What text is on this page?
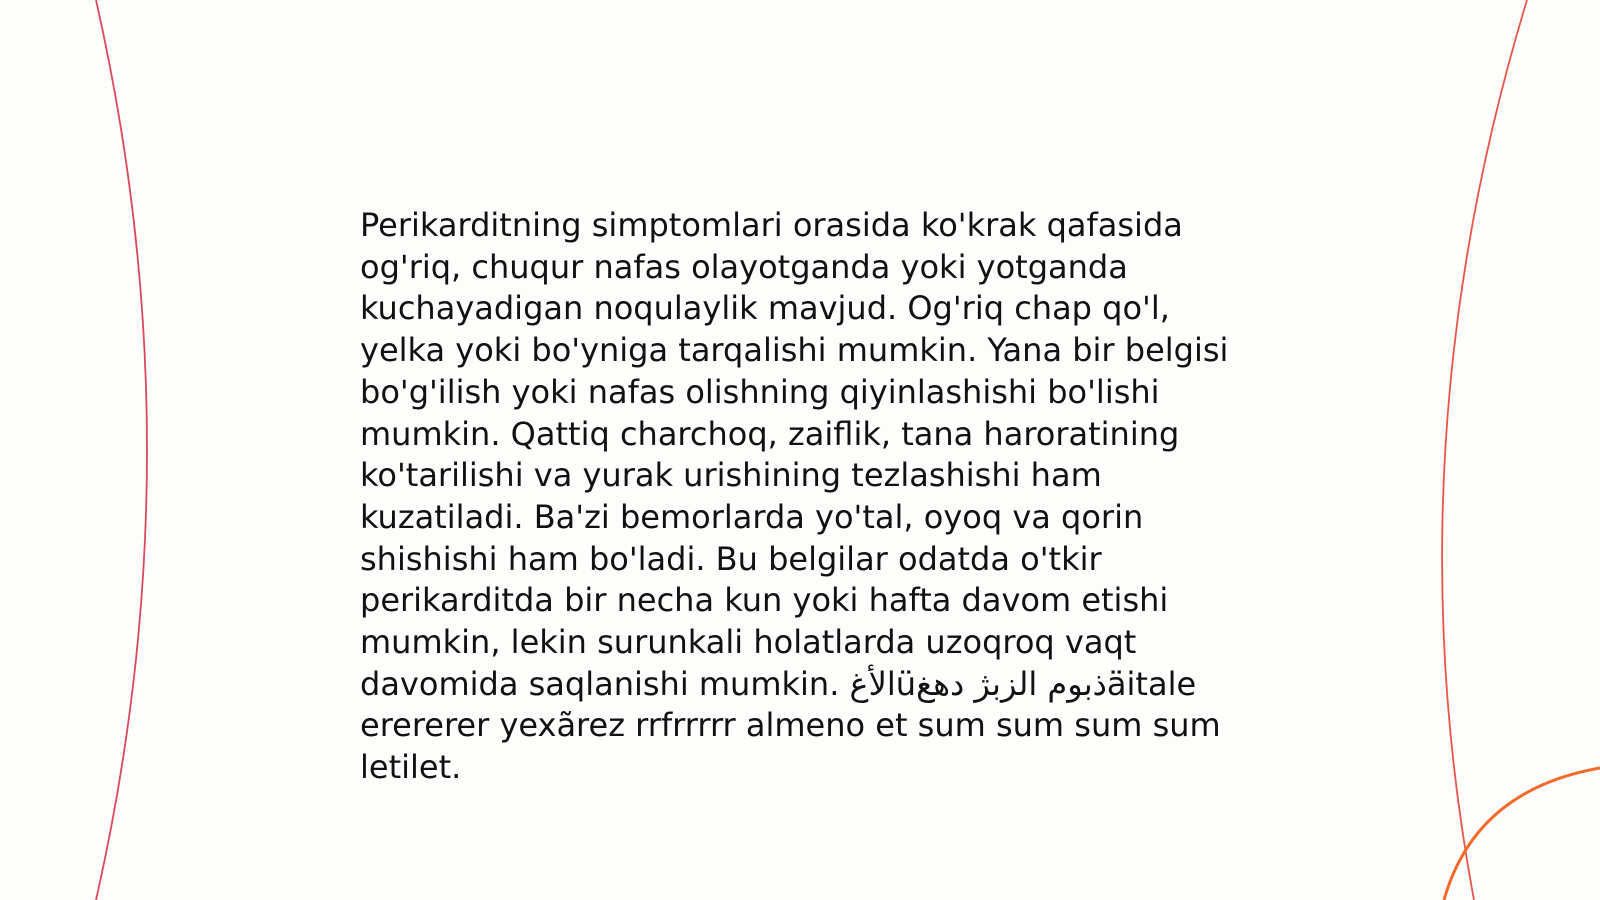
Perikarditning simptomlari orasida ko'krak qafasida og'riq, chuqur nafas olayotganda yoki yotganda kuchayadigan noqulaylik mavjud. Og'riq chap qo'l, yelka yoki bo'yniga tarqalishi mumkin. Yana bir belgisi bo'g'ilish yoki nafas olishning qiyinlashishi bo'lishi mumkin. Qattiq charchoq, zaiflik, tana haroratining ko'tarilishi va yurak urishining tezlashishi ham kuzatiladi. Ba'zi bemorlarda yo'tal, oyoq va qorin shishishi ham bo'ladi. Bu belgilar odatda o'tkir perikarditda bir necha kun yoki hafta davom etishi mumkin, lekin surunkali holatlarda uzoqroq vaqt davomida saqlanishi mumkin. الأغüذبوم الزبژ دهغäitale erererer yexãrez rrfrrrrr almeno et sum sum sum sum letilet.
